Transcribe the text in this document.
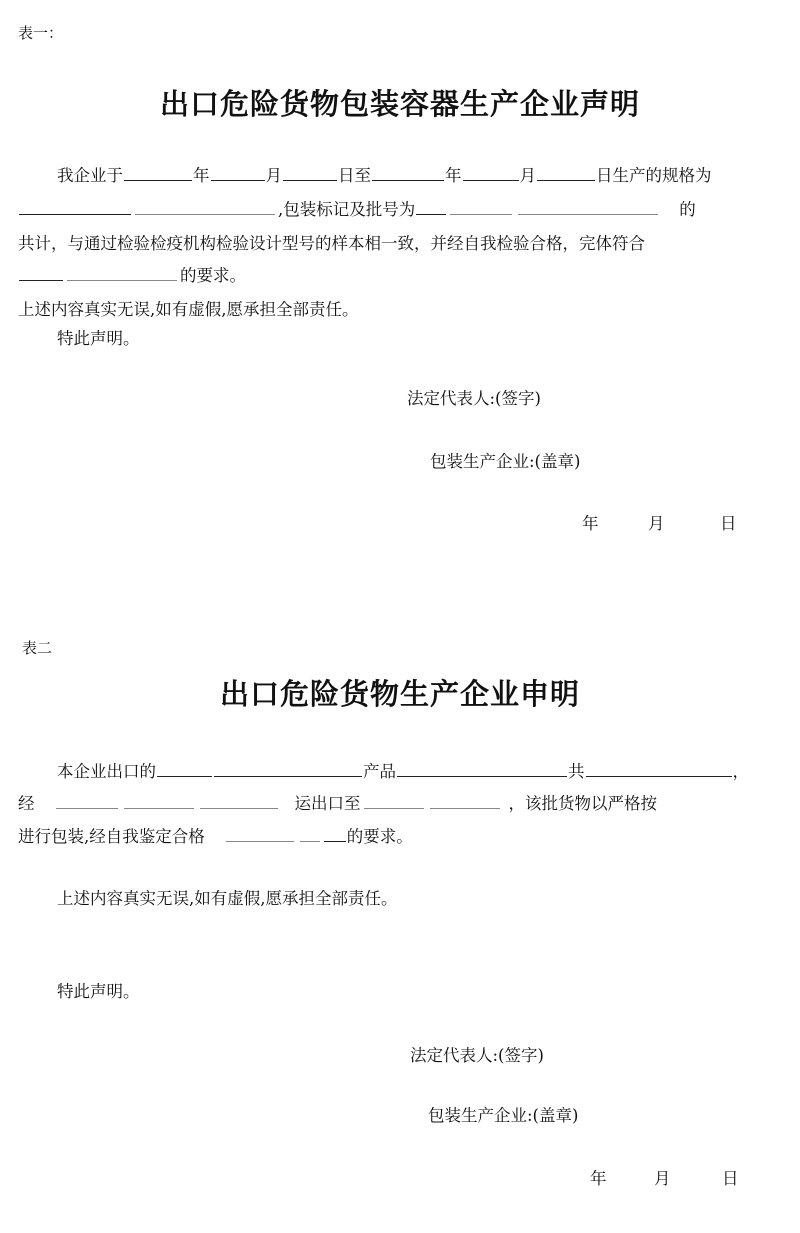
表一：
出口危险货物包装容器生产企业声明
我企业于	年	月	日至	年	月	日生产的规格为
,包装标记及批号为	的
共计，与通过检验检疫机构检验设计型号的样本相一致，并经自我检验合格，完体符合
的要求。
上述内容真实无误,如有虚假,愿承担全部责任。
特此声明。
法定代表人:(签字)
包装生产企业:(盖章)
年	月	日
表二
出口危险货物生产企业申明
本企业出口的	产品	共	，
经	运出口至	，该批货物以严格按
进行包装,经自我鉴定合格	的要求。
上述内容真实无误,如有虚假,愿承担全部责任。
特此声明。
法定代表人:(签字)
包装生产企业:(盖章)
年	月	日
